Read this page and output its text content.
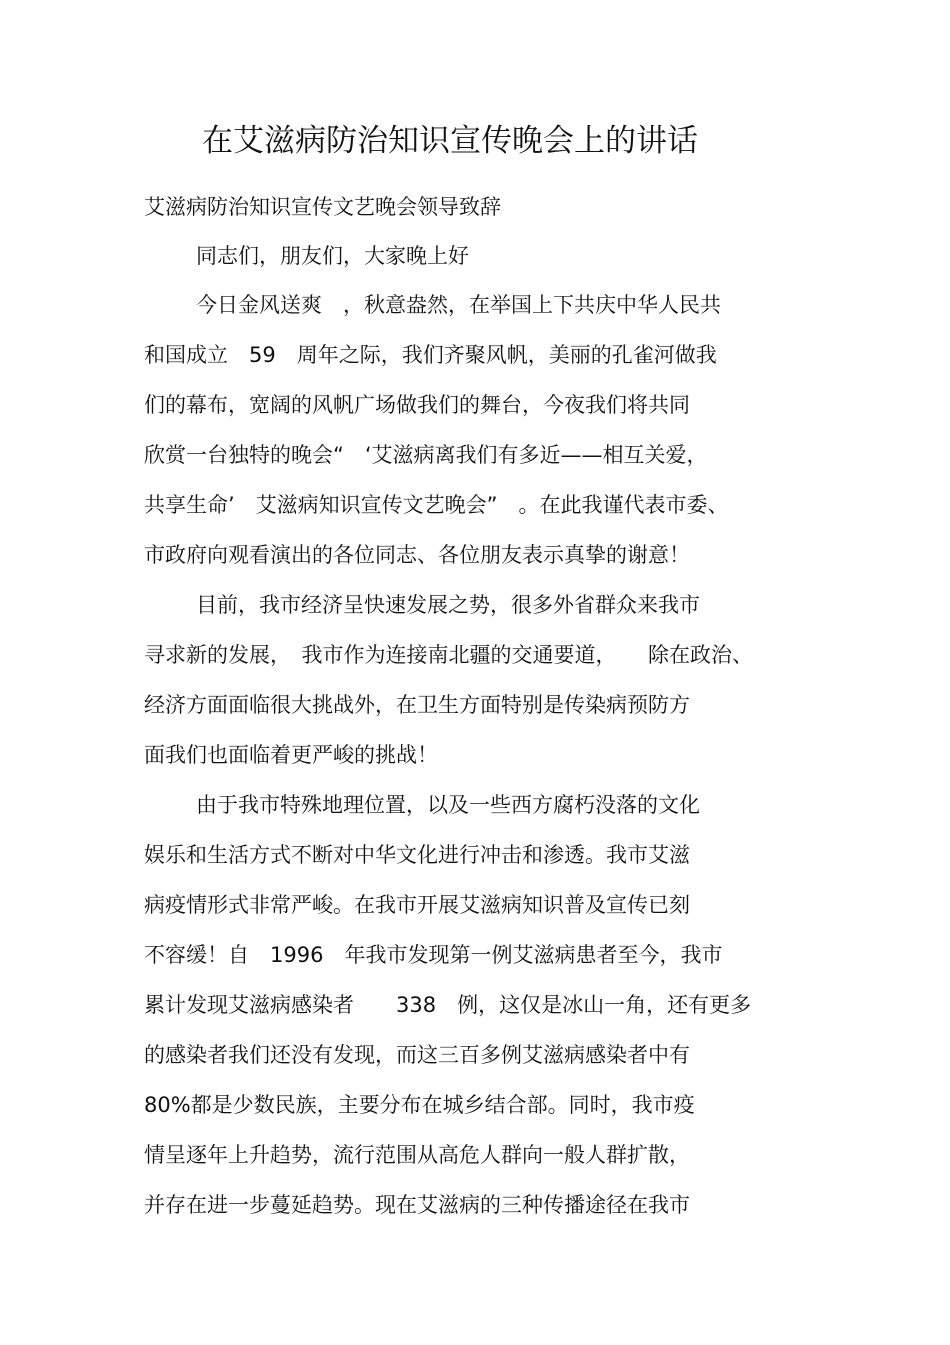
在艾滋病防治知识宣传晚会上的讲话
艾滋病防治知识宣传文艺晚会领导致辞
同志们，朋友们，大家晚上好
今日金风送爽　，秋意盎然，在举国上下共庆中华人民共
和国成立　59　周年之际，我们齐聚风帆，美丽的孔雀河做我
们的幕布，宽阔的风帆广场做我们的舞台，今夜我们将共同
欣赏一台独特的晚会“　‘艾滋病离我们有多近——相互关爱，
共享生命’　艾滋病知识宣传文艺晚会”　。在此我谨代表市委、
市政府向观看演出的各位同志、各位朋友表示真挚的谢意！
目前，我市经济呈快速发展之势，很多外省群众来我市
寻求新的发展，　我市作为连接南北疆的交通要道，　　除在政治、
经济方面面临很大挑战外，在卫生方面特别是传染病预防方
面我们也面临着更严峻的挑战！
由于我市特殊地理位置，以及一些西方腐朽没落的文化
娱乐和生活方式不断对中华文化进行冲击和渗透。我市艾滋
病疫情形式非常严峻。在我市开展艾滋病知识普及宣传已刻
不容缓！自　1996　年我市发现第一例艾滋病患者至今，我市
累计发现艾滋病感染者　　338　例，这仅是冰山一角，还有更多
的感染者我们还没有发现，而这三百多例艾滋病感染者中有
80%都是少数民族，主要分布在城乡结合部。同时，我市疫
情呈逐年上升趋势，流行范围从高危人群向一般人群扩散，
并存在进一步蔓延趋势。现在艾滋病的三种传播途径在我市
